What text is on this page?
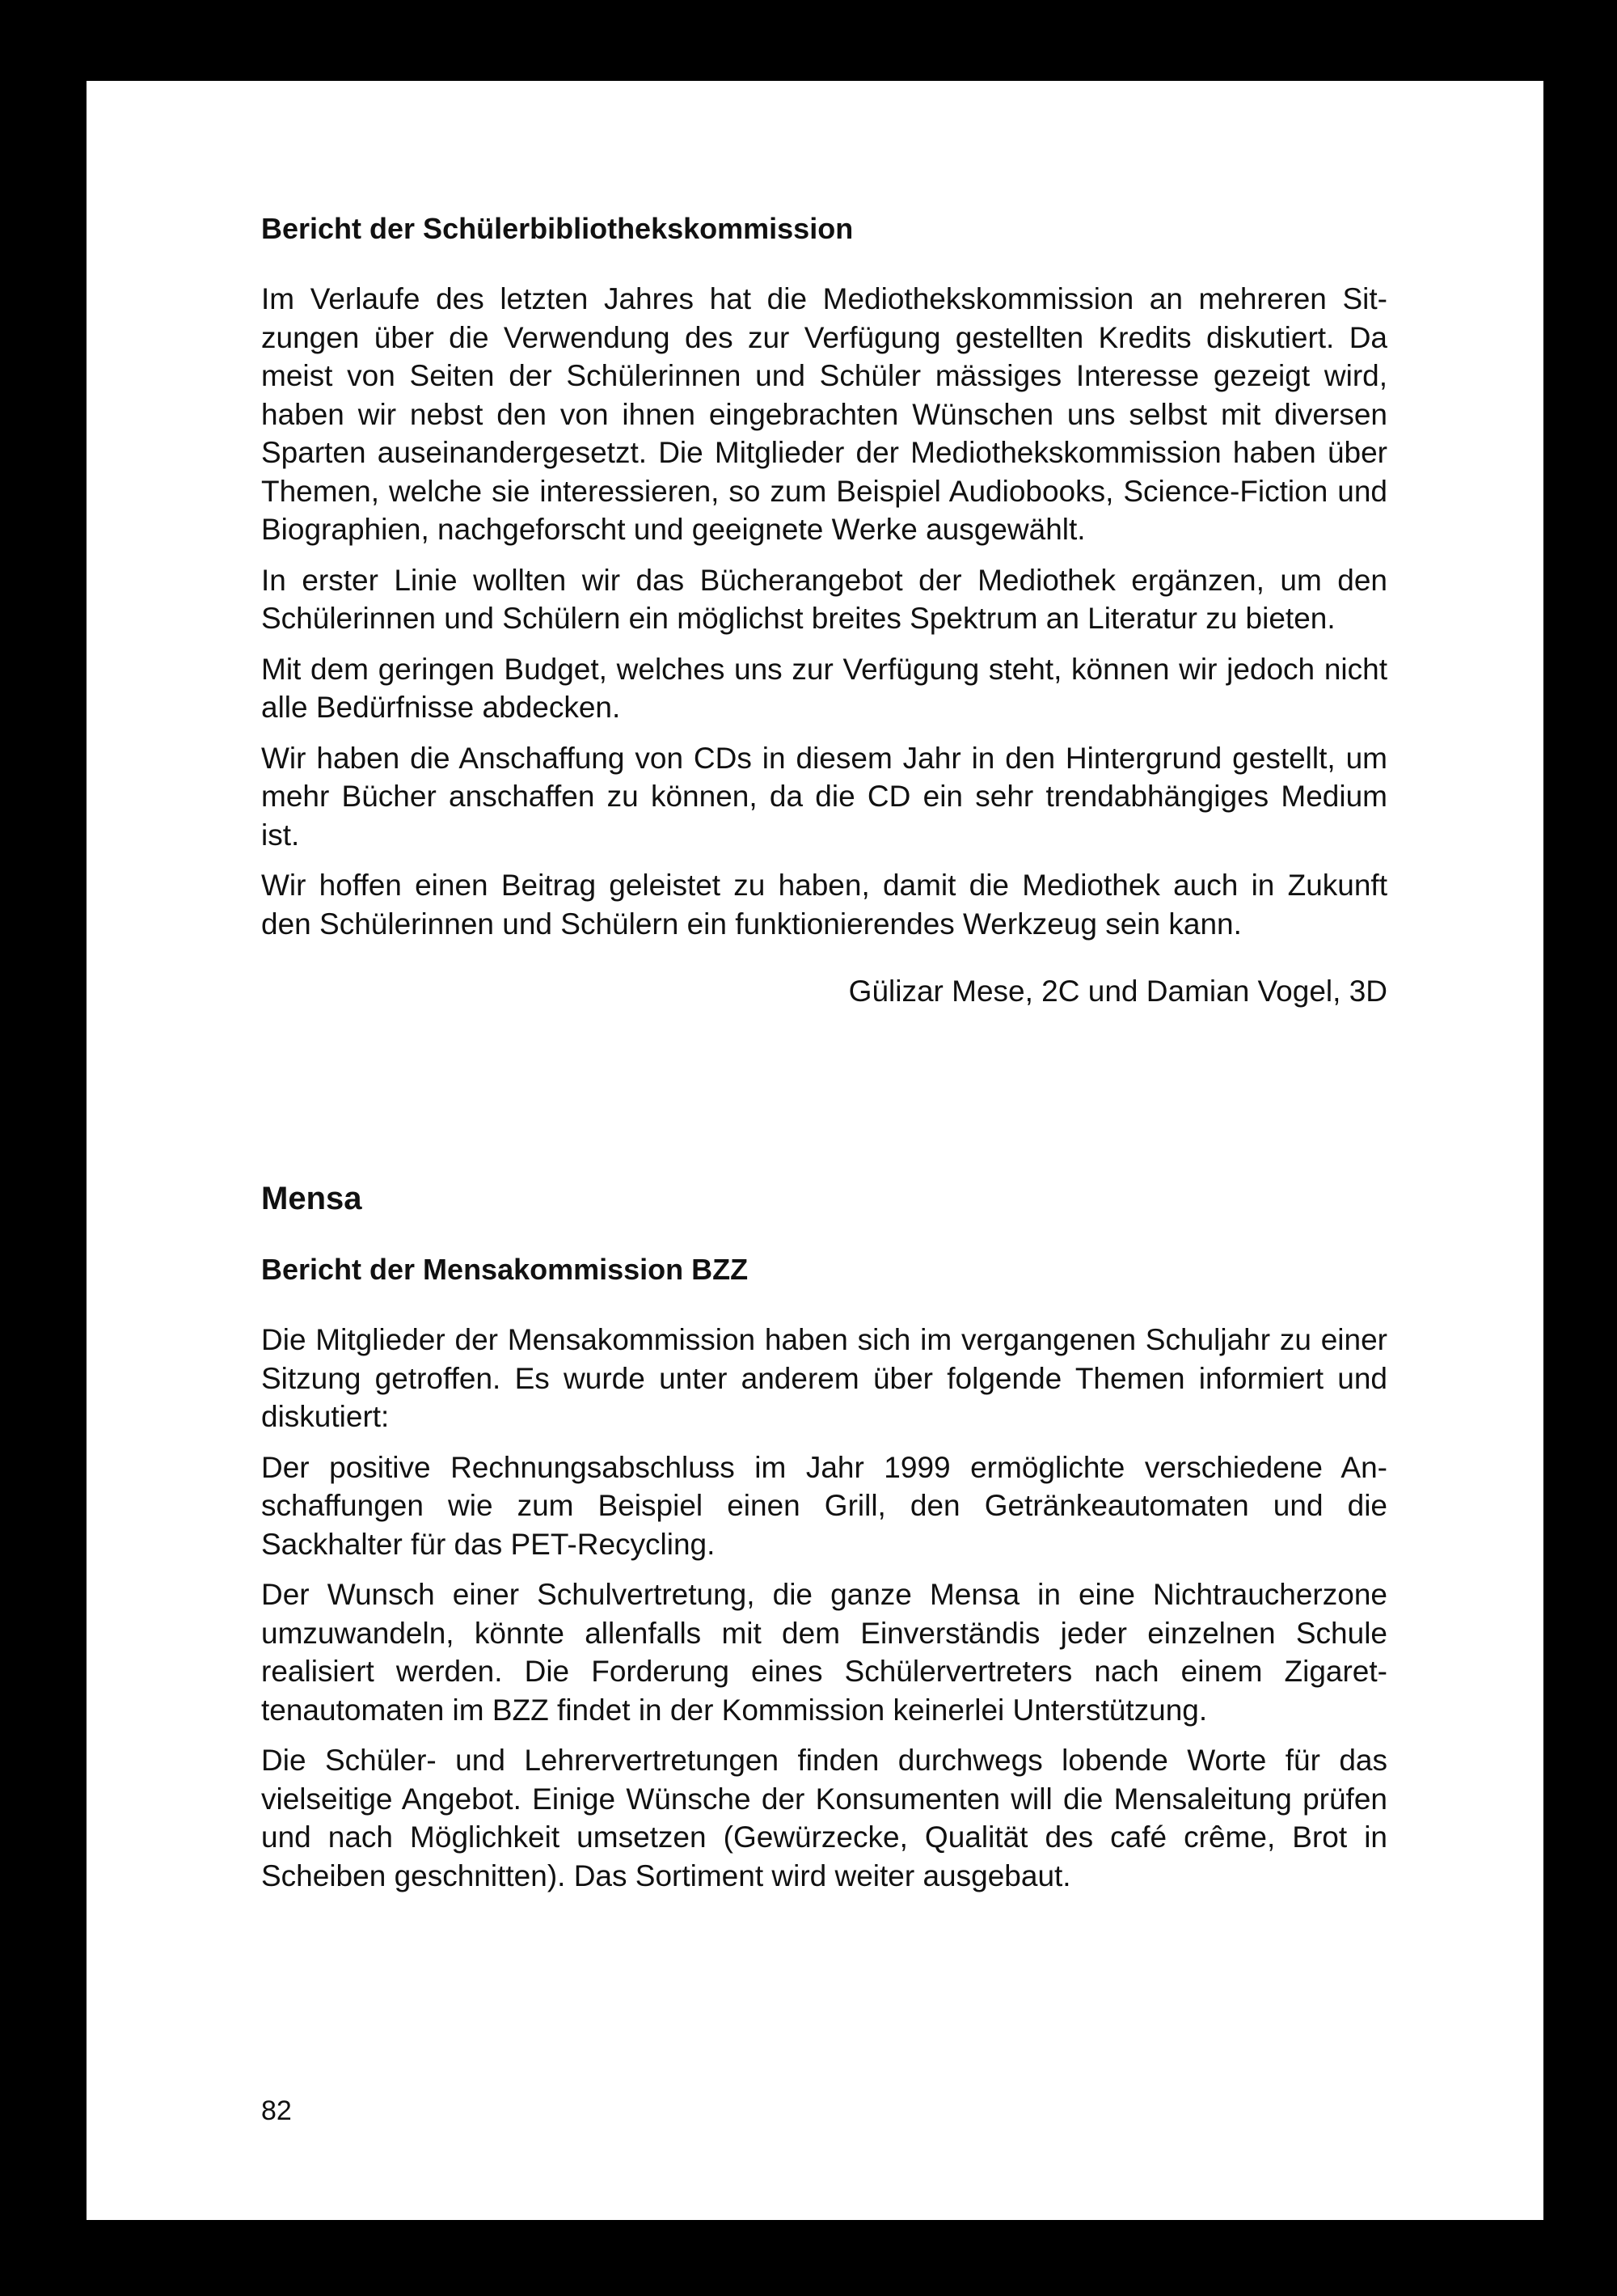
Bericht der Schülerbibliothekskommission

Im Verlaufe des letzten Jahres hat die Mediothekskommission an mehreren Sitzungen über die Verwendung des zur Verfügung gestellten Kredits diskutiert. Da meist von Seiten der Schülerinnen und Schüler mässiges Interesse gezeigt wird, haben wir nebst den von ihnen eingebrachten Wünschen uns selbst mit diversen Sparten auseinandergesetzt. Die Mitglieder der Mediothekskommission haben über Themen, welche sie interessieren, so zum Beispiel Audiobooks, Science-Fiction und Biographien, nachgeforscht und geeignete Werke ausgewählt.

In erster Linie wollten wir das Bücherangebot der Mediothek ergänzen, um den Schülerinnen und Schülern ein möglichst breites Spektrum an Literatur zu bieten.

Mit dem geringen Budget, welches uns zur Verfügung steht, können wir jedoch nicht alle Bedürfnisse abdecken.

Wir haben die Anschaffung von CDs in diesem Jahr in den Hintergrund gestellt, um mehr Bücher anschaffen zu können, da die CD ein sehr trendabhängiges Medium ist.

Wir hoffen einen Beitrag geleistet zu haben, damit die Mediothek auch in Zukunft den Schülerinnen und Schülern ein funktionierendes Werkzeug sein kann.

Gülizar Mese, 2C und Damian Vogel, 3D

Mensa
Bericht der Mensakommission BZZ

Die Mitglieder der Mensakommission haben sich im vergangenen Schuljahr zu einer Sitzung getroffen. Es wurde unter anderem über folgende Themen informiert und diskutiert:

Der positive Rechnungsabschluss im Jahr 1999 ermöglichte verschiedene Anschaffungen wie zum Beispiel einen Grill, den Getränkeautomaten und die Sackhalter für das PET-Recycling.

Der Wunsch einer Schulvertretung, die ganze Mensa in eine Nichtraucherzone umzuwandeln, könnte allenfalls mit dem Einverständis jeder einzelnen Schule realisiert werden. Die Forderung eines Schülervertreters nach einem Zigarettenautomaten im BZZ findet in der Kommission keinerlei Unterstützung.

Die Schüler- und Lehrervertretungen finden durchwegs lobende Worte für das vielseitige Angebot. Einige Wünsche der Konsumenten will die Mensaleitung prüfen und nach Möglichkeit umsetzen (Gewürzecke, Qualität des café crême, Brot in Scheiben geschnitten). Das Sortiment wird weiter ausgebaut.

82
